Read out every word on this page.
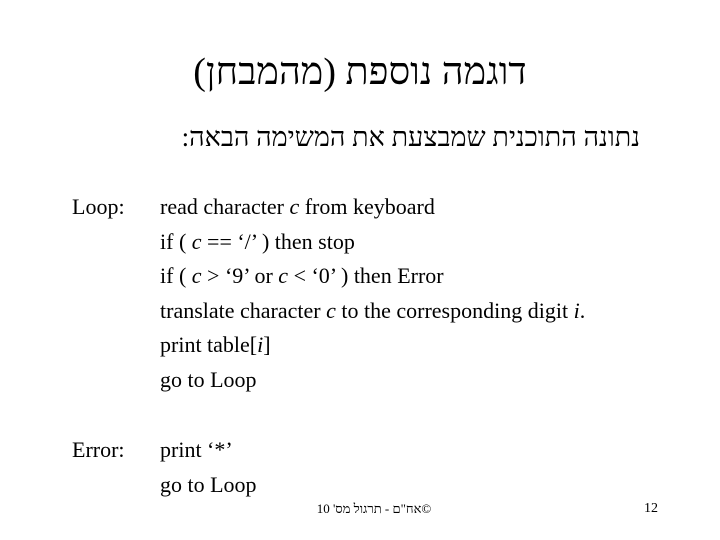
דוגמה נוספת (מהמבחן)
נתונה התוכנית שמבצעת את המשימה הבאה:
Loop: read character c from keyboard
if ( c == ‘/’ ) then stop
if ( c > ‘9’ or c < ‘0’ ) then Error
translate character c to the corresponding digit i.
print table[i]
go to Loop
Error: print ‘*’
go to Loop
©אח"ם - תרגול מס' 10	12
